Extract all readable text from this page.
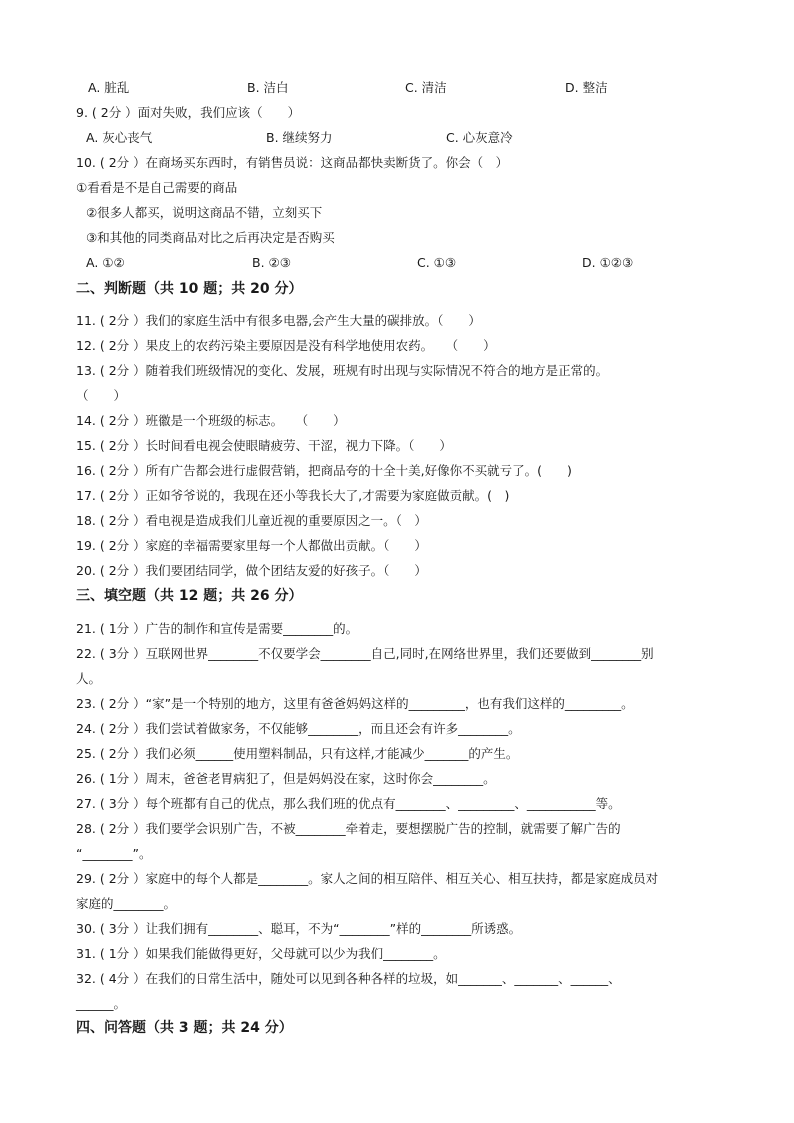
A. 脏乱	B. 洁白	C. 清洁	D. 整洁
9. ( 2分 ）面对失败，我们应该（　　）
A. 灰心丧气	B. 继续努力	C. 心灰意冷
10. ( 2分 ）在商场买东西时，有销售员说：这商品都快卖断货了。你会（　）
①看看是不是自己需要的商品
②很多人都买，说明这商品不错，立刻买下
③和其他的同类商品对比之后再决定是否购买
A. ①②	B. ②③	C. ①③	D. ①②③
二、判断题（共 10 题；共 20 分）
11. ( 2分 ）我们的家庭生活中有很多电器,会产生大量的碳排放。（　　）
12. ( 2分 ）果皮上的农药污染主要原因是没有科学地使用农药。　　（　　）
13. ( 2分 ）随着我们班级情况的变化、发展，班规有时出现与实际情况不符合的地方是正常的。
（　　）
14. ( 2分 ）班徽是一个班级的标志。　　（　　）
15. ( 2分 ）长时间看电视会使眼睛疲劳、干涩，视力下降。（　　）
16. ( 2分 ）所有广告都会进行虚假营销，把商品夸的十全十美,好像你不买就亏了。(　　)
17. ( 2分 ）正如爷爷说的，我现在还小等我长大了,才需要为家庭做贡献。(　)
18. ( 2分 ）看电视是造成我们儿童近视的重要原因之一。（　）
19. ( 2分 ）家庭的幸福需要家里每一个人都做出贡献。（　　）
20. ( 2分 ）我们要团结同学，做个团结友爱的好孩子。（　　）
三、填空题（共 12 题；共 26 分）
21. ( 1分 ）广告的制作和宣传是需要________的。
22. ( 3分 ）互联网世界________不仅要学会________自己,同时,在网络世界里，我们还要做到________别
人。
23. ( 2分 ）“家”是一个特别的地方，这里有爸爸妈妈这样的_________，也有我们这样的_________。
24. ( 2分 ）我们尝试着做家务，不仅能够________，而且还会有许多________。
25. ( 2分 ）我们必须______使用塑料制品，只有这样,才能减少_______的产生。
26. ( 1分 ）周末，爸爸老胃病犯了，但是妈妈没在家，这时你会________。
27. ( 3分 ）每个班都有自己的优点，那么我们班的优点有________、_________、___________等。
28. ( 2分 ）我们要学会识别广告，不被________牵着走，要想摆脱广告的控制，就需要了解广告的
“________”。
29. ( 2分 ）家庭中的每个人都是________。家人之间的相互陪伴、相互关心、相互扶持，都是家庭成员对
家庭的________。
30. ( 3分 ）让我们拥有________、聪耳，不为“________”样的________所诱惑。
31. ( 1分 ）如果我们能做得更好，父母就可以少为我们________。
32. ( 4分 ）在我们的日常生活中，随处可以见到各种各样的垃圾，如_______、_______、______、
______。
四、问答题（共 3 题；共 24 分）
